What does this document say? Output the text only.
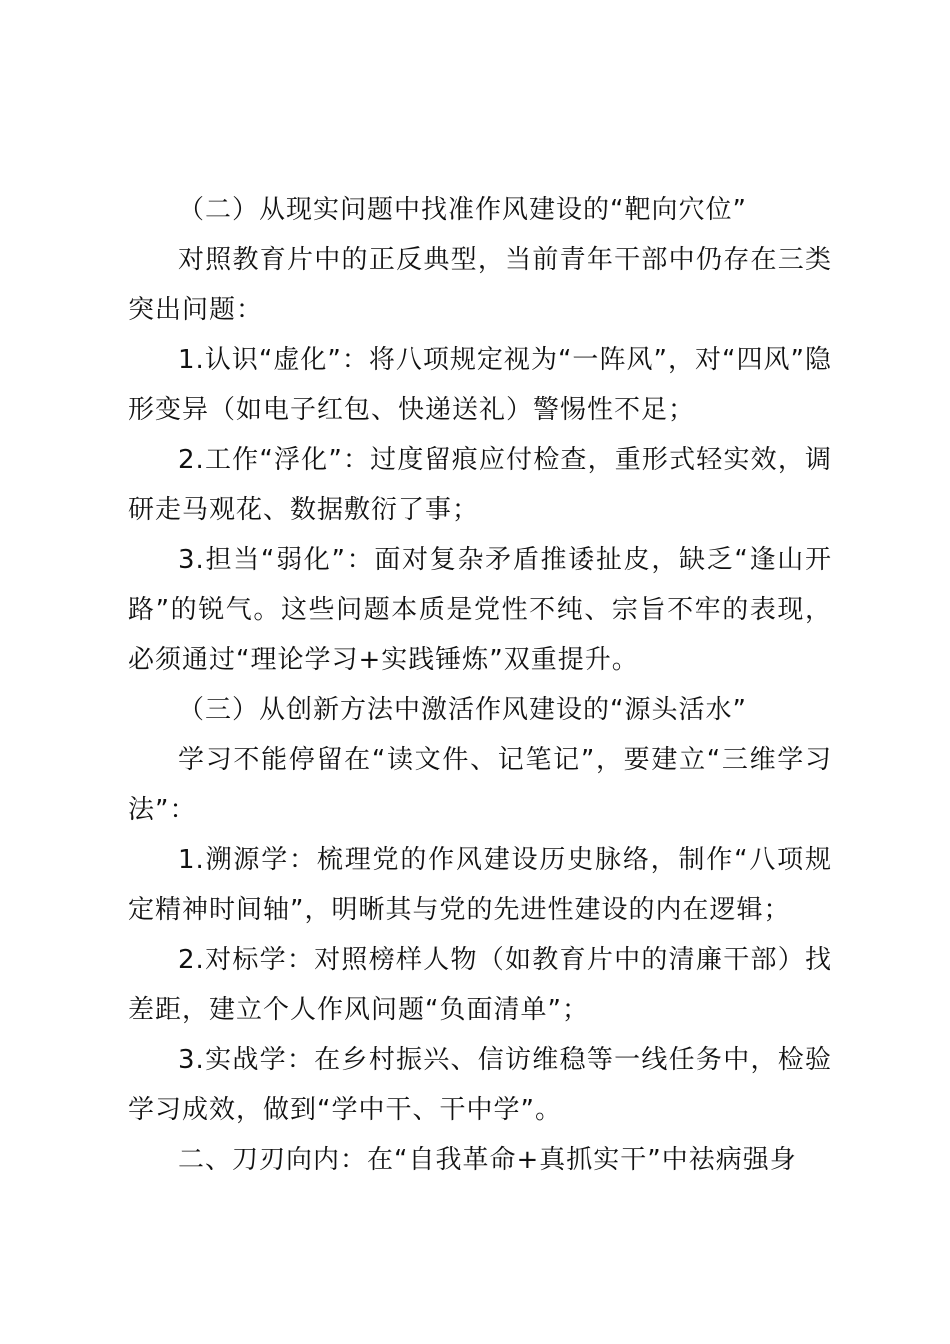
（二）从现实问题中找准作风建设的“靶向穴位”

对照教育片中的正反典型，当前青年干部中仍存在三类突出问题：

1.认识“虚化”：将八项规定视为“一阵风”，对“四风”隐形变异（如电子红包、快递送礼）警惕性不足；

2.工作“浮化”：过度留痕应付检查，重形式轻实效，调研走马观花、数据敷衍了事；

3.担当“弱化”：面对复杂矛盾推诿扯皮，缺乏“逢山开路”的锐气。这些问题本质是党性不纯、宗旨不牢的表现，必须通过“理论学习+实践锤炼”双重提升。

（三）从创新方法中激活作风建设的“源头活水”

学习不能停留在“读文件、记笔记”，要建立“三维学习法”：

1.溯源学：梳理党的作风建设历史脉络，制作“八项规定精神时间轴”，明晰其与党的先进性建设的内在逻辑；

2.对标学：对照榜样人物（如教育片中的清廉干部）找差距，建立个人作风问题“负面清单”；

3.实战学：在乡村振兴、信访维稳等一线任务中，检验学习成效，做到“学中干、干中学”。

二、刀刃向内：在“自我革命+真抓实干”中祛病强身
